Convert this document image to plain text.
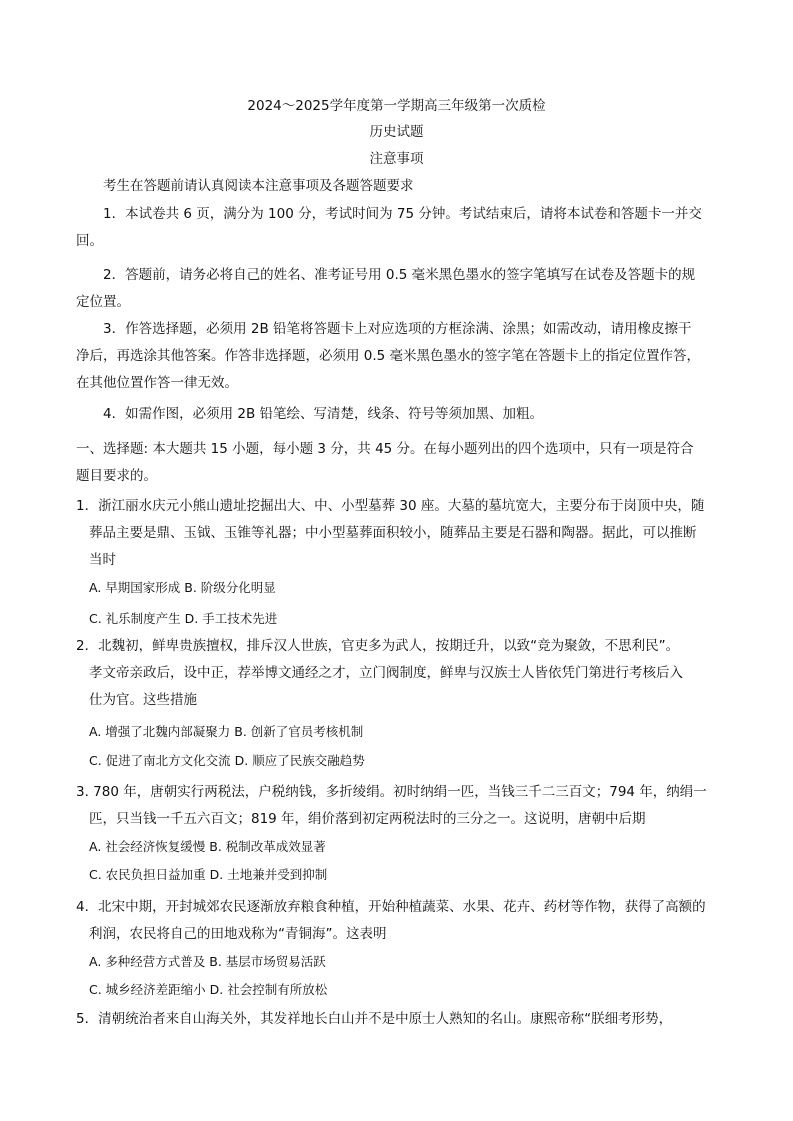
2024～2025学年度第一学期高三年级第一次质检
历史试题
注意事项
考生在答题前请认真阅读本注意事项及各题答题要求
1．本试卷共 6 页，满分为 100 分，考试时间为 75 分钟。考试结束后，请将本试卷和答题卡一并交
回。
2．答题前，请务必将自己的姓名、准考证号用 0.5 毫米黑色墨水的签字笔填写在试卷及答题卡的规
定位置。
3．作答选择题，必须用 2B 铅笔将答题卡上对应选项的方框涂满、涂黑；如需改动，请用橡皮擦干
净后，再选涂其他答案。作答非选择题，必须用 0.5 毫米黑色墨水的签字笔在答题卡上的指定位置作答，
在其他位置作答一律无效。
4．如需作图，必须用 2B 铅笔绘、写清楚，线条、符号等须加黑、加粗。
一、选择题: 本大题共 15 小题，每小题 3 分，共 45 分。在每小题列出的四个选项中，只有一项是符合
题目要求的。
1．浙江丽水庆元小熊山遗址挖掘出大、中、小型墓葬 30 座。大墓的墓坑宽大，主要分布于岗顶中央，随
葬品主要是鼎、玉钺、玉锥等礼器；中小型墓葬面积较小，随葬品主要是石器和陶器。据此，可以推断
当时
A. 早期国家形成 B. 阶级分化明显
C. 礼乐制度产生 D. 手工技术先进
2．北魏初，鲜卑贵族擅权，排斥汉人世族，官吏多为武人，按期迁升，以致“竞为聚敛，不思利民”。
孝文帝亲政后，设中正，荐举博文通经之才，立门阀制度，鲜卑与汉族士人皆依凭门第进行考核后入
仕为官。这些措施
A. 增强了北魏内部凝聚力 B. 创新了官员考核机制
C. 促进了南北方文化交流 D. 顺应了民族交融趋势
3. 780 年，唐朝实行两税法，户税纳钱，多折绫绢。初时纳绢一匹，当钱三千二三百文；794 年，纳绢一
匹，只当钱一千五六百文；819 年，绢价落到初定两税法时的三分之一。这说明，唐朝中后期
A. 社会经济恢复缓慢 B. 税制改革成效显著
C. 农民负担日益加重 D. 土地兼并受到抑制
4．北宋中期，开封城郊农民逐渐放弃粮食种植，开始种植蔬菜、水果、花卉、药材等作物，获得了高额的
利润，农民将自己的田地戏称为“青铜海”。这表明
A. 多种经营方式普及 B. 基层市场贸易活跃
C. 城乡经济差距缩小 D. 社会控制有所放松
5．清朝统治者来自山海关外，其发祥地长白山并不是中原士人熟知的名山。康熙帝称“朕细考形势，
